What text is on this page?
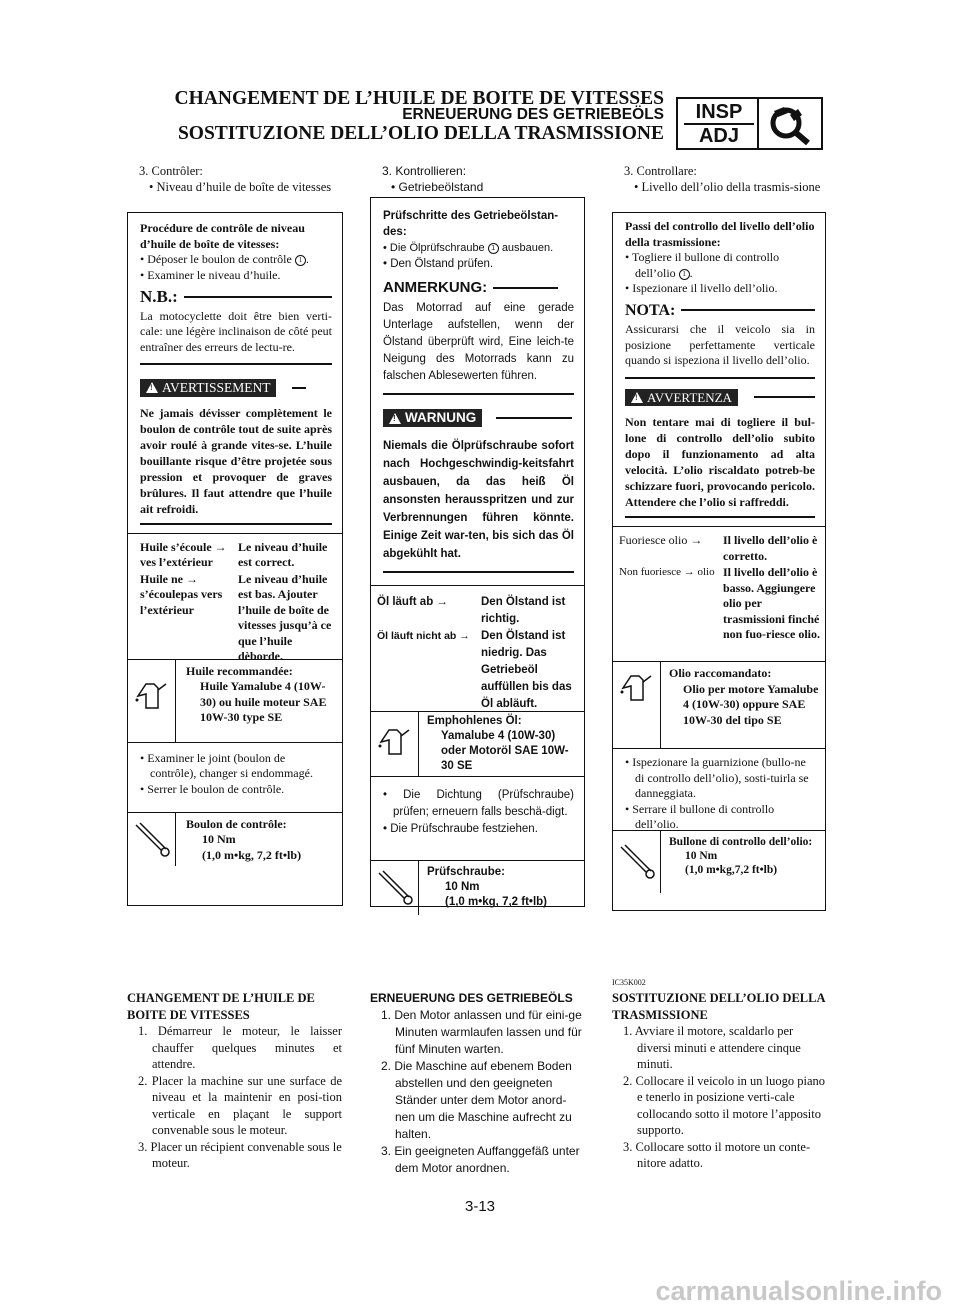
CHANGEMENT DE L’HUILE DE BOITE DE VITESSES
ERNEUERUNG DES GETRIEBEÖLS
SOSTITUZIONE DELL’OLIO DELLA TRASMISSIONE
INSP
ADJ
3. Contrôler:
• Niveau d’huile de boîte de vitesses
Procédure de contrôle de niveau d’huile de boîte de vitesses:
• Déposer le boulon de contrôle 1 .
• Examiner le niveau d’huile.
N.B.:
La motocyclette doit être bien verti-cale: une légère inclinaison de côté peut entraîner des erreurs de lectu-re.
! AVERTISSEMENT
Ne jamais dévisser complètement le boulon de contrôle tout de suite après avoir roulé à grande vites-se. L’huile bouillante risque d’être projetée sous pression et provoquer de graves brûlures. Il faut attendre que l’huile ait refroidi.
Huile s’écoule → ves l’extérieur
Le niveau d’huile est correct.
Huile ne → s’écoulepas vers l’extérieur
Le niveau d’huile est bas. Ajouter l’huile de boîte de vitesses jusqu’à ce que l’huile dèborde.
Huile recommandée:
Huile Yamalube 4 (10W-30) ou huile moteur SAE 10W-30 type SE
• Examiner le joint (boulon de contrôle), changer si endommagé.
• Serrer le boulon de contrôle.
Boulon de contrôle:
10 Nm
(1,0 m•kg, 7,2 ft•lb)
3. Kontrollieren:
• Getriebeölstand
Prüfschritte des Getriebeölstan-des:
• Die Ölprüfschraube 1 ausbauen.
• Den Ölstand prüfen.
ANMERKUNG:
Das Motorrad auf eine gerade Unterlage aufstellen, wenn der Ölstand überprüft wird, Eine leich-te Neigung des Motorrads kann zu falschen Ablesewerten führen.
! WARNUNG
Niemals die Ölprüfschraube sofort nach Hochgeschwindig-keitsfahrt ausbauen, da das heiß Öl ansonsten herausspritzen und zur Verbrennungen führen könnte. Einige Zeit war-ten, bis sich das Öl abgekühlt hat.
Öl läuft ab →	Den Ölstand ist richtig.
Öl läuft nicht ab → Den Ölstand ist niedrig. Das Getriebeöl auffüllen bis das Öl abläuft.
Emphohlenes Öl:
Yamalube 4 (10W-30) oder Motoröl SAE 10W-30 SE
• Die Dichtung (Prüfschraube) prüfen; erneuern falls beschä-digt.
• Die Prüfschraube festziehen.
Prüfschraube:
10 Nm
(1,0 m•kg, 7,2 ft•lb)
3. Controllare:
• Livello dell’olio della trasmis-sione
Passi del controllo del livello dell’olio della trasmissione:
• Togliere il bullone di controllo dell’olio 1 .
• Ispezionare il livello dell’olio.
NOTA:
Assicurarsi che il veicolo sia in posizione perfettamente verticale quando si ispeziona il livello dell’olio.
! AVVERTENZA
Non tentare mai di togliere il bul-lone di controllo dell’olio subito dopo il funzionamento ad alta velocità. L’olio riscaldato potreb-be schizzare fuori, provocando pericolo. Attendere che l’olio si raffreddi.
Fuoriesce olio →	Il livello dell’olio è corretto.
Non fuoriesce → olio Il livello dell’olio è basso. Aggiungere olio per trasmissioni finché non fuo-riesce olio.
Olio raccomandato:
Olio per motore Yamalube 4 (10W-30) oppure SAE 10W-30 del tipo SE
• Ispezionare la guarnizione (bullo-ne di controllo dell’olio), sosti-tuirla se danneggiata.
• Serrare il bullone di controllo dell’olio.
Bullone di controllo dell’olio:
10 Nm
(1,0 m•kg,7,2 ft•lb)
CHANGEMENT DE L’HUILE DE BOITE DE VITESSES
1. Démarreur le moteur, le laisser chauffer quelques minutes et attendre.
2. Placer la machine sur une surface de niveau et la maintenir en posi-tion verticale en plaçant le support convenable sous le moteur.
3. Placer un récipient convenable sous le moteur.
ERNEUERUNG DES GETRIEBEÖLS
1. Den Motor anlassen und für eini-ge Minuten warmlaufen lassen und für fünf Minuten warten.
2. Die Maschine auf ebenem Boden abstellen und den geeigneten Ständer unter dem Motor anord-nen um die Maschine aufrecht zu halten.
3. Ein geeigneten Auffanggefäß unter dem Motor anordnen.
IC35K002
SOSTITUZIONE DELL’OLIO DELLA TRASMISSIONE
1. Avviare il motore, scaldarlo per diversi minuti e attendere cinque minuti.
2. Collocare il veicolo in un luogo piano e tenerlo in posizione verti-cale collocando sotto il motore l’apposito supporto.
3. Collocare sotto il motore un conte-nitore adatto.
3-13
carmanualsonline.info
